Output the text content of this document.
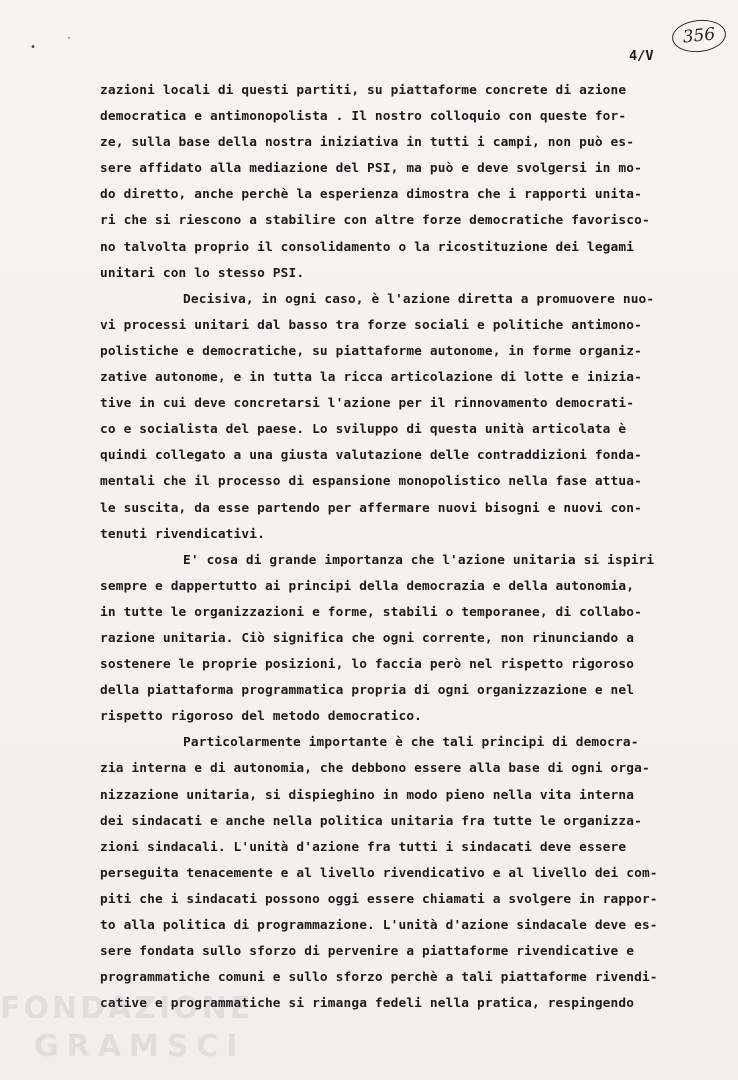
356
4/V
•
·
zazioni locali di questi partiti, su piattaforme concrete di azione
democratica e antimonopolista . Il nostro colloquio con queste for-
ze, sulla base della nostra iniziativa in tutti i campi, non può es-
sere affidato alla mediazione del PSI, ma può e deve svolgersi in mo-
do diretto, anche perchè la esperienza dimostra che i rapporti unita-
ri che si riescono a stabilire con altre forze democratiche favorisco-
no talvolta proprio il consolidamento o la ricostituzione dei legami
unitari con lo stesso PSI.
Decisiva, in ogni caso, è l'azione diretta a promuovere nuo-
vi processi unitari dal basso tra forze sociali e politiche antimono-
polistiche e democratiche, su piattaforme autonome, in forme organiz-
zative autonome, e in tutta la ricca articolazione di lotte e inizia-
tive in cui deve concretarsi l'azione per il rinnovamento democrati-
co e socialista del paese. Lo sviluppo di questa unità articolata è
quindi collegato a una giusta valutazione delle contraddizioni fonda-
mentali che il processo di espansione monopolistico nella fase attua-
le suscita, da esse partendo per affermare nuovi bisogni e nuovi con-
tenuti rivendicativi.
E' cosa di grande importanza che l'azione unitaria si ispiri
sempre e dappertutto ai principi della democrazia e della autonomia,
in tutte le organizzazioni e forme, stabili o temporanee, di collabo-
razione unitaria. Ciò significa che ogni corrente, non rinunciando a
sostenere le proprie posizioni, lo faccia però nel rispetto rigoroso
della piattaforma programmatica propria di ogni organizzazione e nel
rispetto rigoroso del metodo democratico.
Particolarmente importante è che tali principi di democra-
zia interna e di autonomia, che debbono essere alla base di ogni orga-
nizzazione unitaria, si dispieghino in modo pieno nella vita interna
dei sindacati e anche nella politica unitaria fra tutte le organizza-
zioni sindacali. L'unità d'azione fra tutti i sindacati deve essere
perseguita tenacemente e al livello rivendicativo e al livello dei com-
piti che i sindacati possono oggi essere chiamati a svolgere in rappor-
to alla politica di programmazione. L'unità d'azione sindacale deve es-
sere fondata sullo sforzo di pervenire a piattaforme rivendicative e
programmatiche comuni e sullo sforzo perchè a tali piattaforme rivendi-
cative e programmatiche si rimanga fedeli nella pratica, respingendo
FONDAZIONE
GRAMSCI
